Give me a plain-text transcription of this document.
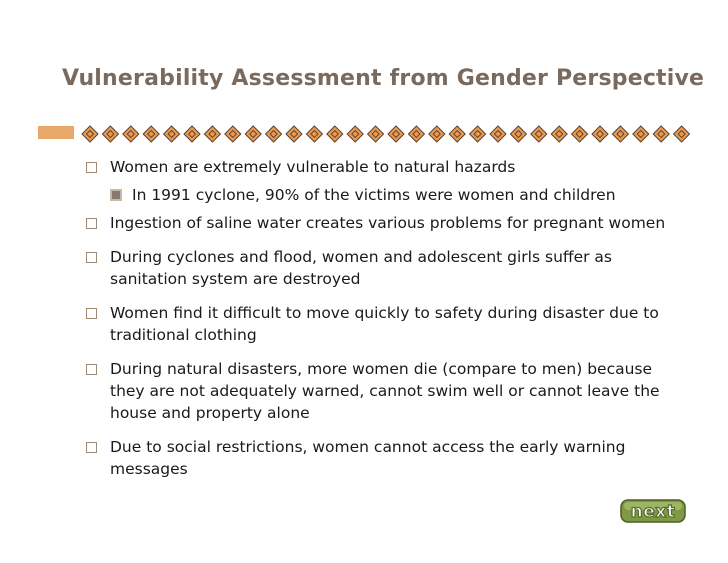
Vulnerability Assessment from Gender Perspective
Women are extremely vulnerable to natural hazards
In 1991 cyclone, 90% of the victims were women and children
Ingestion of saline water creates various problems for pregnant women
During cyclones and flood, women and adolescent girls suffer as sanitation system are destroyed
Women find it difficult to move quickly to safety during disaster due to traditional clothing
During natural disasters, more women die (compare to men) because they are not adequately warned, cannot swim well or cannot leave the house and property alone
Due to social restrictions, women cannot access the early warning messages
next
